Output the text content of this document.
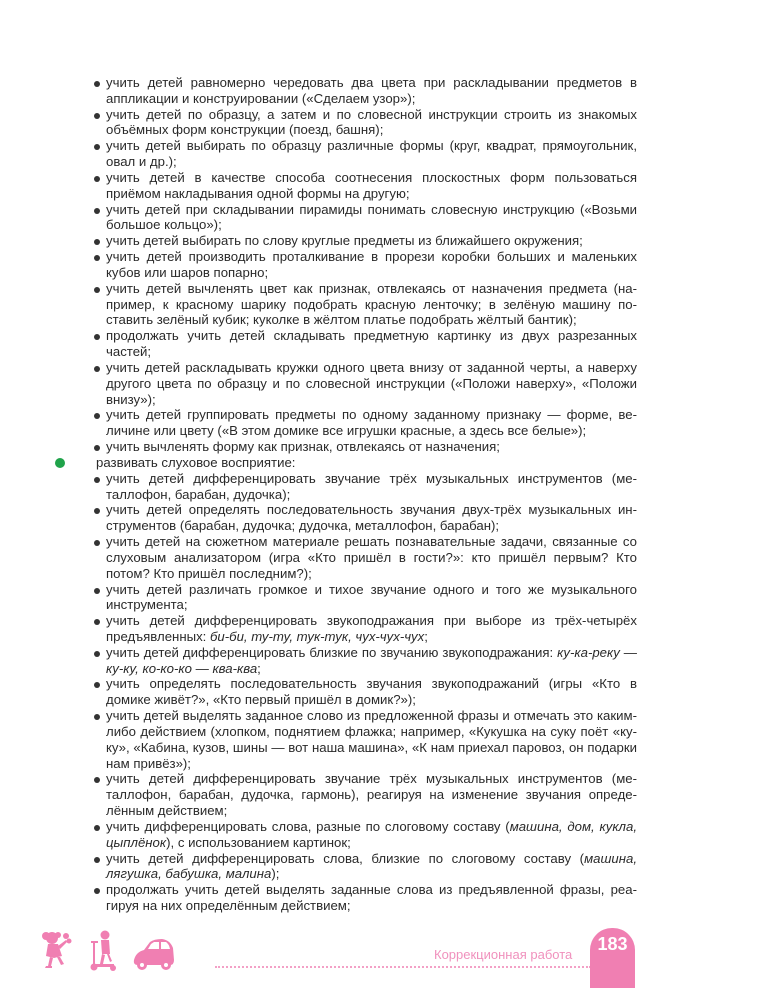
учить детей равномерно чередовать два цвета при раскладывании предметов в аппликации и конструировании («Сделаем узор»);
учить детей по образцу, а затем и по словесной инструкции строить из знакомых объёмных форм конструкции (поезд, башня);
учить детей выбирать по образцу различные формы (круг, квадрат, прямоугольник, овал и др.);
учить детей в качестве способа соотнесения плоскостных форм пользоваться приёмом накладывания одной формы на другую;
учить детей при складывании пирамиды понимать словесную инструкцию («Возьми большое кольцо»);
учить детей выбирать по слову круглые предметы из ближайшего окружения;
учить детей производить проталкивание в прорези коробки больших и маленьких кубов или шаров попарно;
учить детей вычленять цвет как признак, отвлекаясь от назначения предмета (например, к красному шарику подобрать красную ленточку; в зелёную машину поставить зелёный кубик; куколке в жёлтом платье подобрать жёлтый бантик);
продолжать учить детей складывать предметную картинку из двух разрезанных частей;
учить детей раскладывать кружки одного цвета внизу от заданной черты, а наверху другого цвета по образцу и по словесной инструкции («Положи наверху», «Положи внизу»);
учить детей группировать предметы по одному заданному признаку — форме, величине или цвету («В этом домике все игрушки красные, а здесь все белые»);
учить вычленять форму как признак, отвлекаясь от назначения;
развивать слуховое восприятие:
учить детей дифференцировать звучание трёх музыкальных инструментов (металлофон, барабан, дудочка);
учить детей определять последовательность звучания двух-трёх музыкальных инструментов (барабан, дудочка; дудочка, металлофон, барабан);
учить детей на сюжетном материале решать познавательные задачи, связанные со слуховым анализатором (игра «Кто пришёл в гости?»: кто пришёл первым? Кто потом? Кто пришёл последним?);
учить детей различать громкое и тихое звучание одного и того же музыкального инструмента;
учить детей дифференцировать звукоподражания при выборе из трёх-четырёх предъявленных: би-би, ту-ту, тук-тук, чух-чух-чух;
учить детей дифференцировать близкие по звучанию звукоподражания: ку-ка-реку — ку-ку, ко-ко-ко — ква-ква;
учить определять последовательность звучания звукоподражаний (игры «Кто в домике живёт?», «Кто первый пришёл в домик?»);
учить детей выделять заданное слово из предложенной фразы и отмечать это каким-либо действием (хлопком, поднятием флажка; например, «Кукушка на суку поёт «ку-ку», «Кабина, кузов, шины — вот наша машина», «К нам приехал паровоз, он подарки нам привёз»);
учить детей дифференцировать звучание трёх музыкальных инструментов (металлофон, барабан, дудочка, гармонь), реагируя на изменение звучания определённым действием;
учить дифференцировать слова, разные по слоговому составу (машина, дом, кукла, цыплёнок), с использованием картинок;
учить детей дифференцировать слова, близкие по слоговому составу (машина, лягушка, бабушка, малина);
продолжать учить детей выделять заданные слова из предъявленной фразы, реагируя на них определённым действием;
Коррекционная работа
183
